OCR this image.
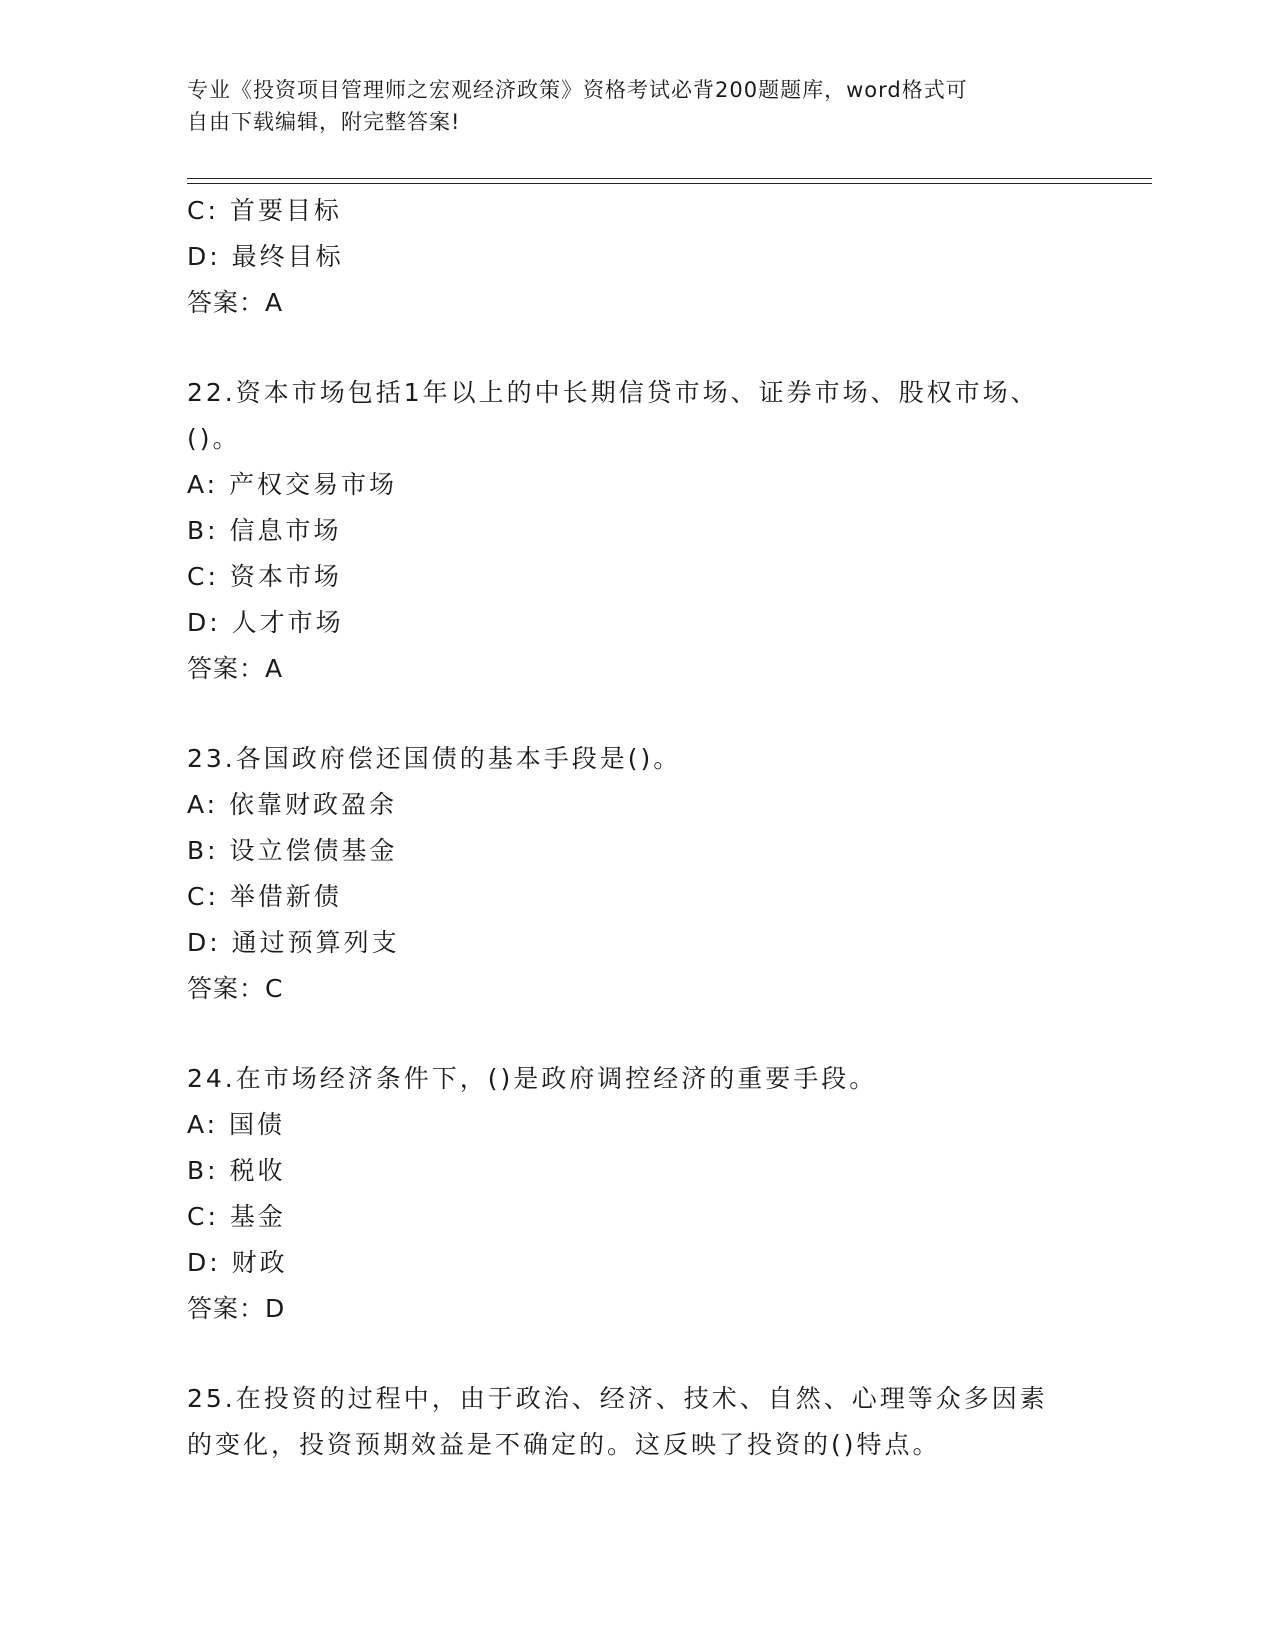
专业《投资项目管理师之宏观经济政策》资格考试必背200题题库，word格式可
自由下载编辑，附完整答案!
C: 首要目标
D: 最终目标
答案：A
22.资本市场包括1年以上的中长期信贷市场、证券市场、股权市场、
()。
A: 产权交易市场
B: 信息市场
C: 资本市场
D: 人才市场
答案：A
23.各国政府偿还国债的基本手段是()。
A: 依靠财政盈余
B: 设立偿债基金
C: 举借新债
D: 通过预算列支
答案：C
24.在市场经济条件下，()是政府调控经济的重要手段。
A: 国债
B: 税收
C: 基金
D: 财政
答案：D
25.在投资的过程中，由于政治、经济、技术、自然、心理等众多因素
的变化，投资预期效益是不确定的。这反映了投资的()特点。
